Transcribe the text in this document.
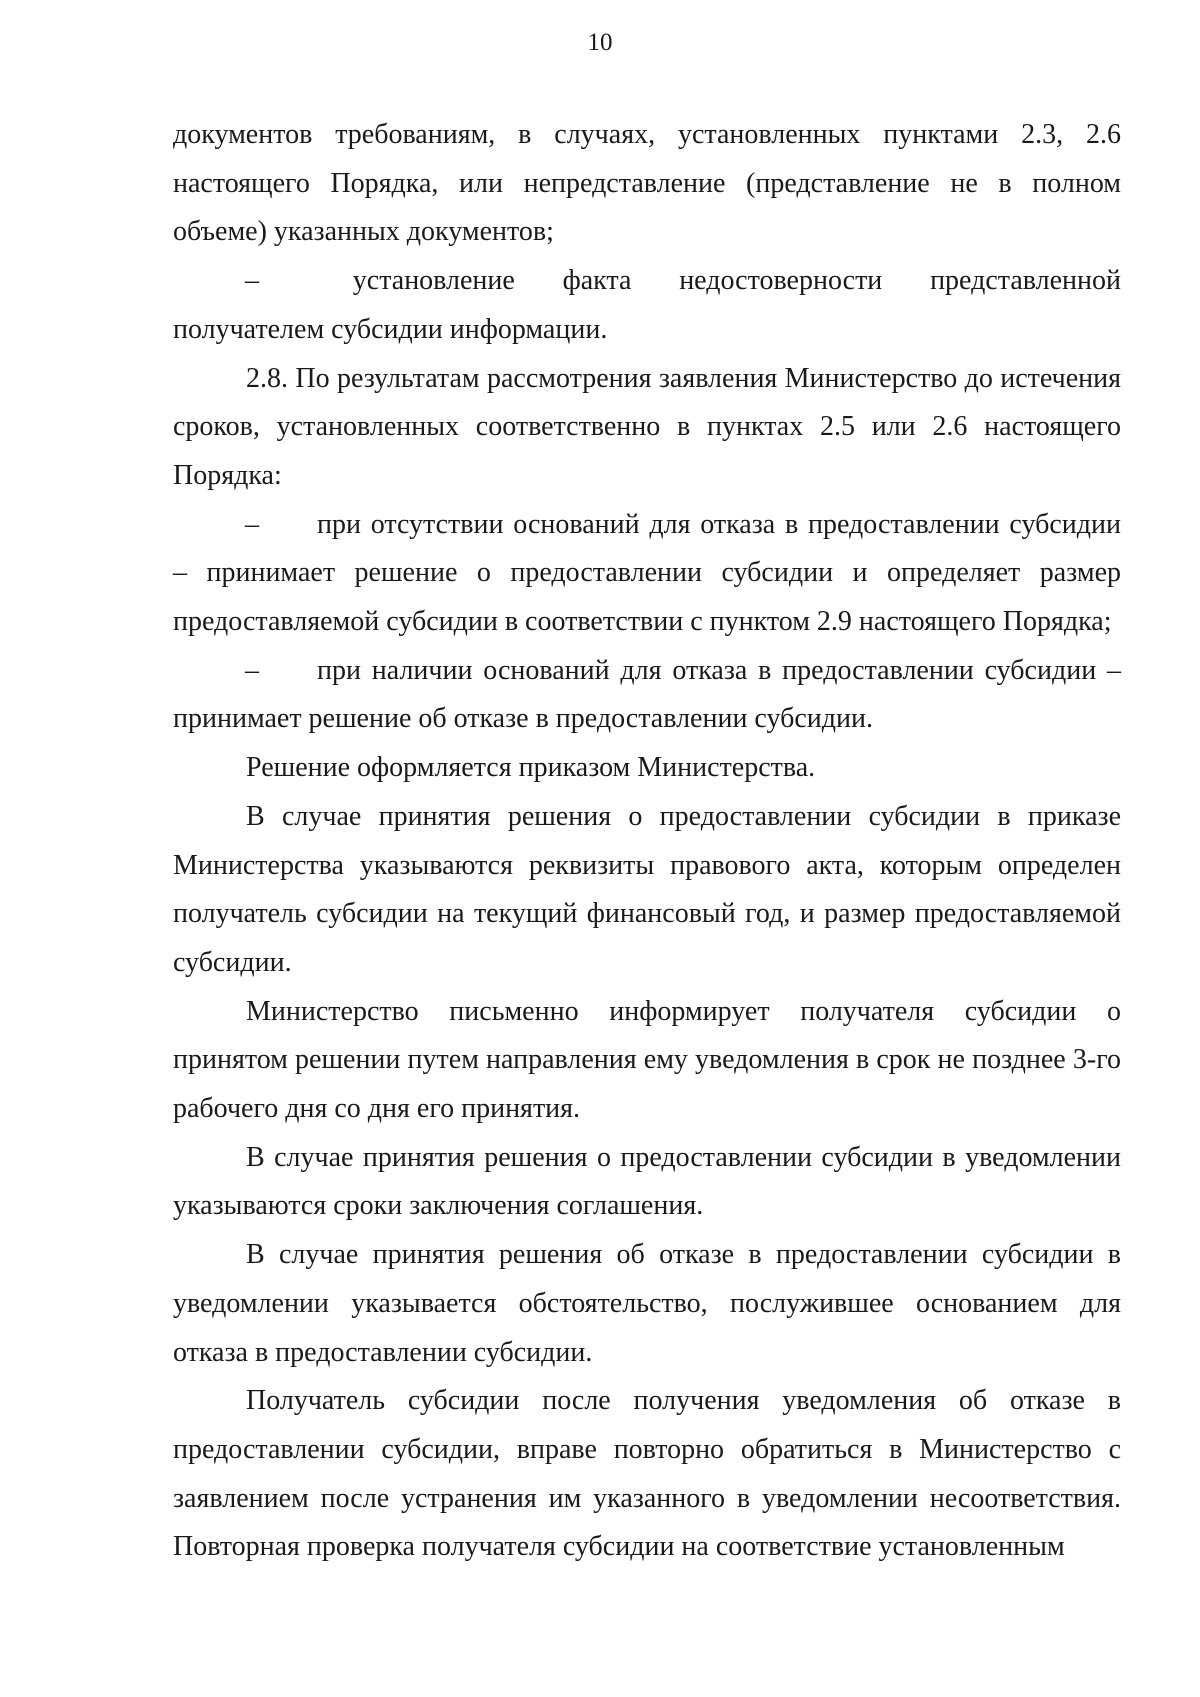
10

документов требованиям, в случаях, установленных пунктами 2.3, 2.6 настоящего Порядка, или непредставление (представление не в полном объеме) указанных документов;

–	установление факта недостоверности представленной

получателем субсидии информации.

2.8. По результатам рассмотрения заявления Министерство до истечения сроков, установленных соответственно в пунктах 2.5 или 2.6 настоящего Порядка:

– при отсутствии оснований для отказа в предоставлении субсидии – принимает решение о предоставлении субсидии и определяет размер предоставляемой субсидии в соответствии с пунктом 2.9 настоящего Порядка;

– при наличии оснований для отказа в предоставлении субсидии – принимает решение об отказе в предоставлении субсидии.

Решение оформляется приказом Министерства.

В случае принятия решения о предоставлении субсидии в приказе Министерства указываются реквизиты правового акта, которым определен получатель субсидии на текущий финансовый год, и размер предоставляемой субсидии.

Министерство письменно информирует получателя субсидии о принятом решении путем направления ему уведомления в срок не позднее 3-го рабочего дня со дня его принятия.

В случае принятия решения о предоставлении субсидии в уведомлении указываются сроки заключения соглашения.

В случае принятия решения об отказе в предоставлении субсидии в уведомлении указывается обстоятельство, послужившее основанием для отказа в предоставлении субсидии.

Получатель субсидии после получения уведомления об отказе в предоставлении субсидии, вправе повторно обратиться в Министерство с заявлением после устранения им указанного в уведомлении несоответствия. Повторная проверка получателя субсидии на соответствие установленным
